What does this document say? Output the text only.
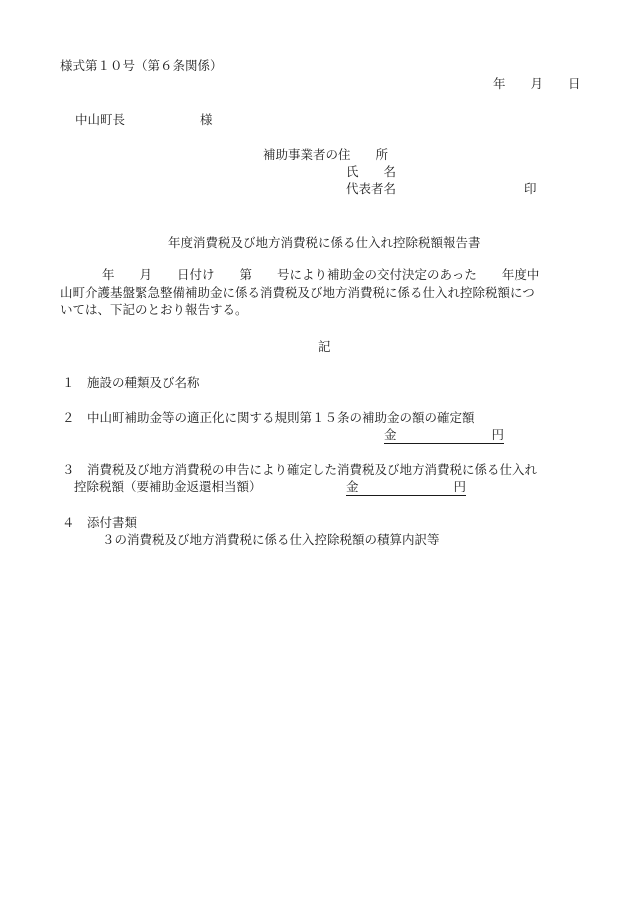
様式第１０号（第６条関係）
年　　月　　日
中山町長　　　　　　様
補助事業者の住　　所
氏　　名
代表者名	印
年度消費税及び地方消費税に係る仕入れ控除税額報告書
年　　月　　日付け　　第　　号により補助金の交付決定のあった　　年度中
山町介護基盤緊急整備補助金に係る消費税及び地方消費税に係る仕入れ控除税額につ
いては、下記のとおり報告する。
記
１　施設の種類及び名称
２　中山町補助金等の適正化に関する規則第１５条の補助金の額の確定額
金	円
３　消費税及び地方消費税の申告により確定した消費税及び地方消費税に係る仕入れ
控除税額（要補助金返還相当額）	金	円
４　添付書類
３の消費税及び地方消費税に係る仕入控除税額の積算内訳等
